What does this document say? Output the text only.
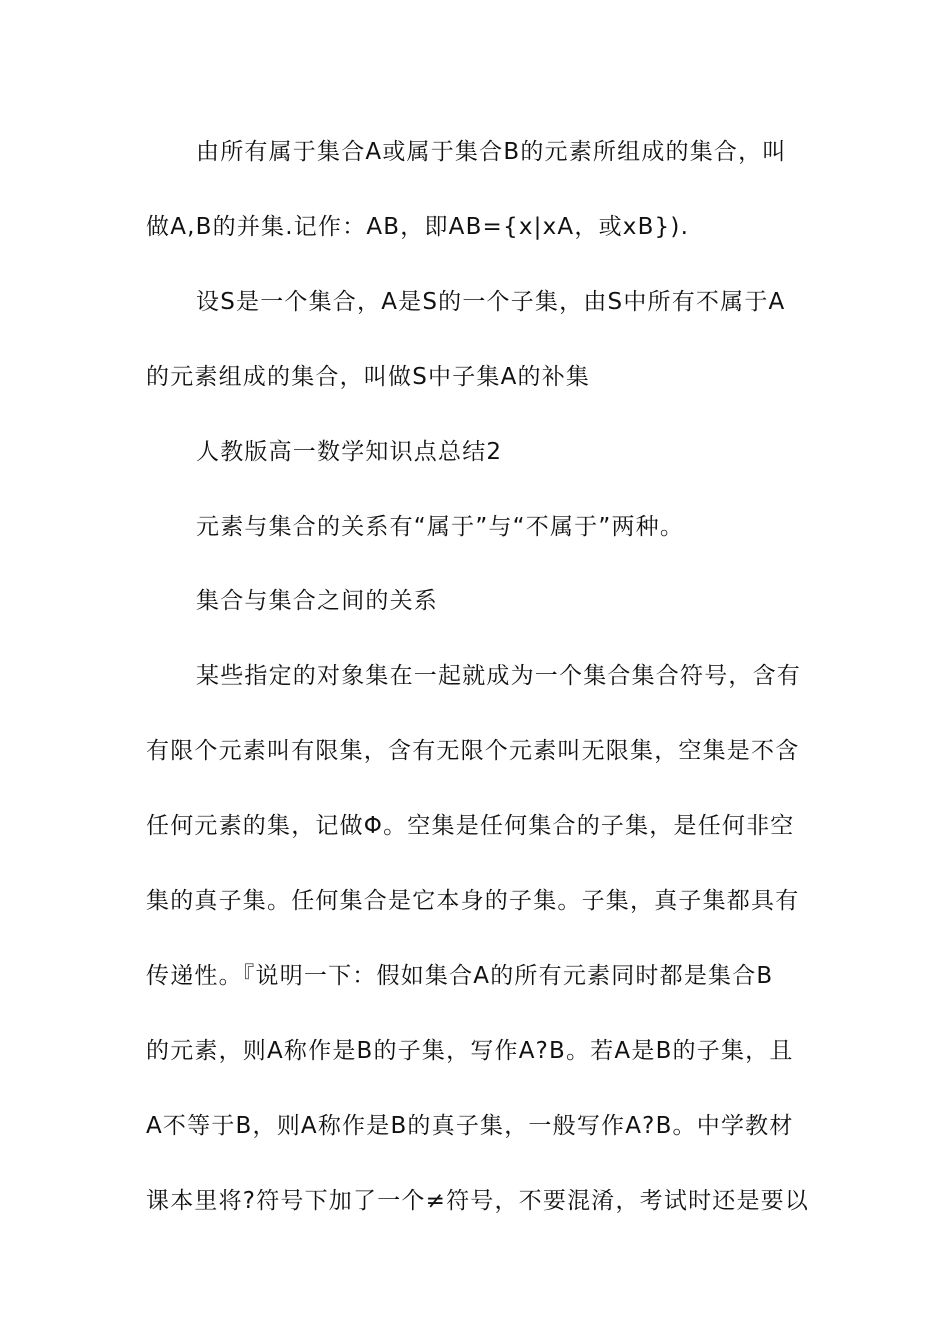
由所有属于集合A或属于集合B的元素所组成的集合，叫
做A,B的并集.记作：AB，即AB={x|xA，或xB}).
设S是一个集合，A是S的一个子集，由S中所有不属于A
的元素组成的集合，叫做S中子集A的补集
人教版高一数学知识点总结2
元素与集合的关系有“属于”与“不属于”两种。
集合与集合之间的关系
某些指定的对象集在一起就成为一个集合集合符号，含有
有限个元素叫有限集，含有无限个元素叫无限集，空集是不含
任何元素的集，记做Φ。空集是任何集合的子集，是任何非空
集的真子集。任何集合是它本身的子集。子集，真子集都具有
传递性。『说明一下：假如集合A的所有元素同时都是集合B
的元素，则A称作是B的子集，写作A?B。若A是B的子集，且
A不等于B，则A称作是B的真子集，一般写作A?B。中学教材
课本里将?符号下加了一个≠符号，不要混淆，考试时还是要以
